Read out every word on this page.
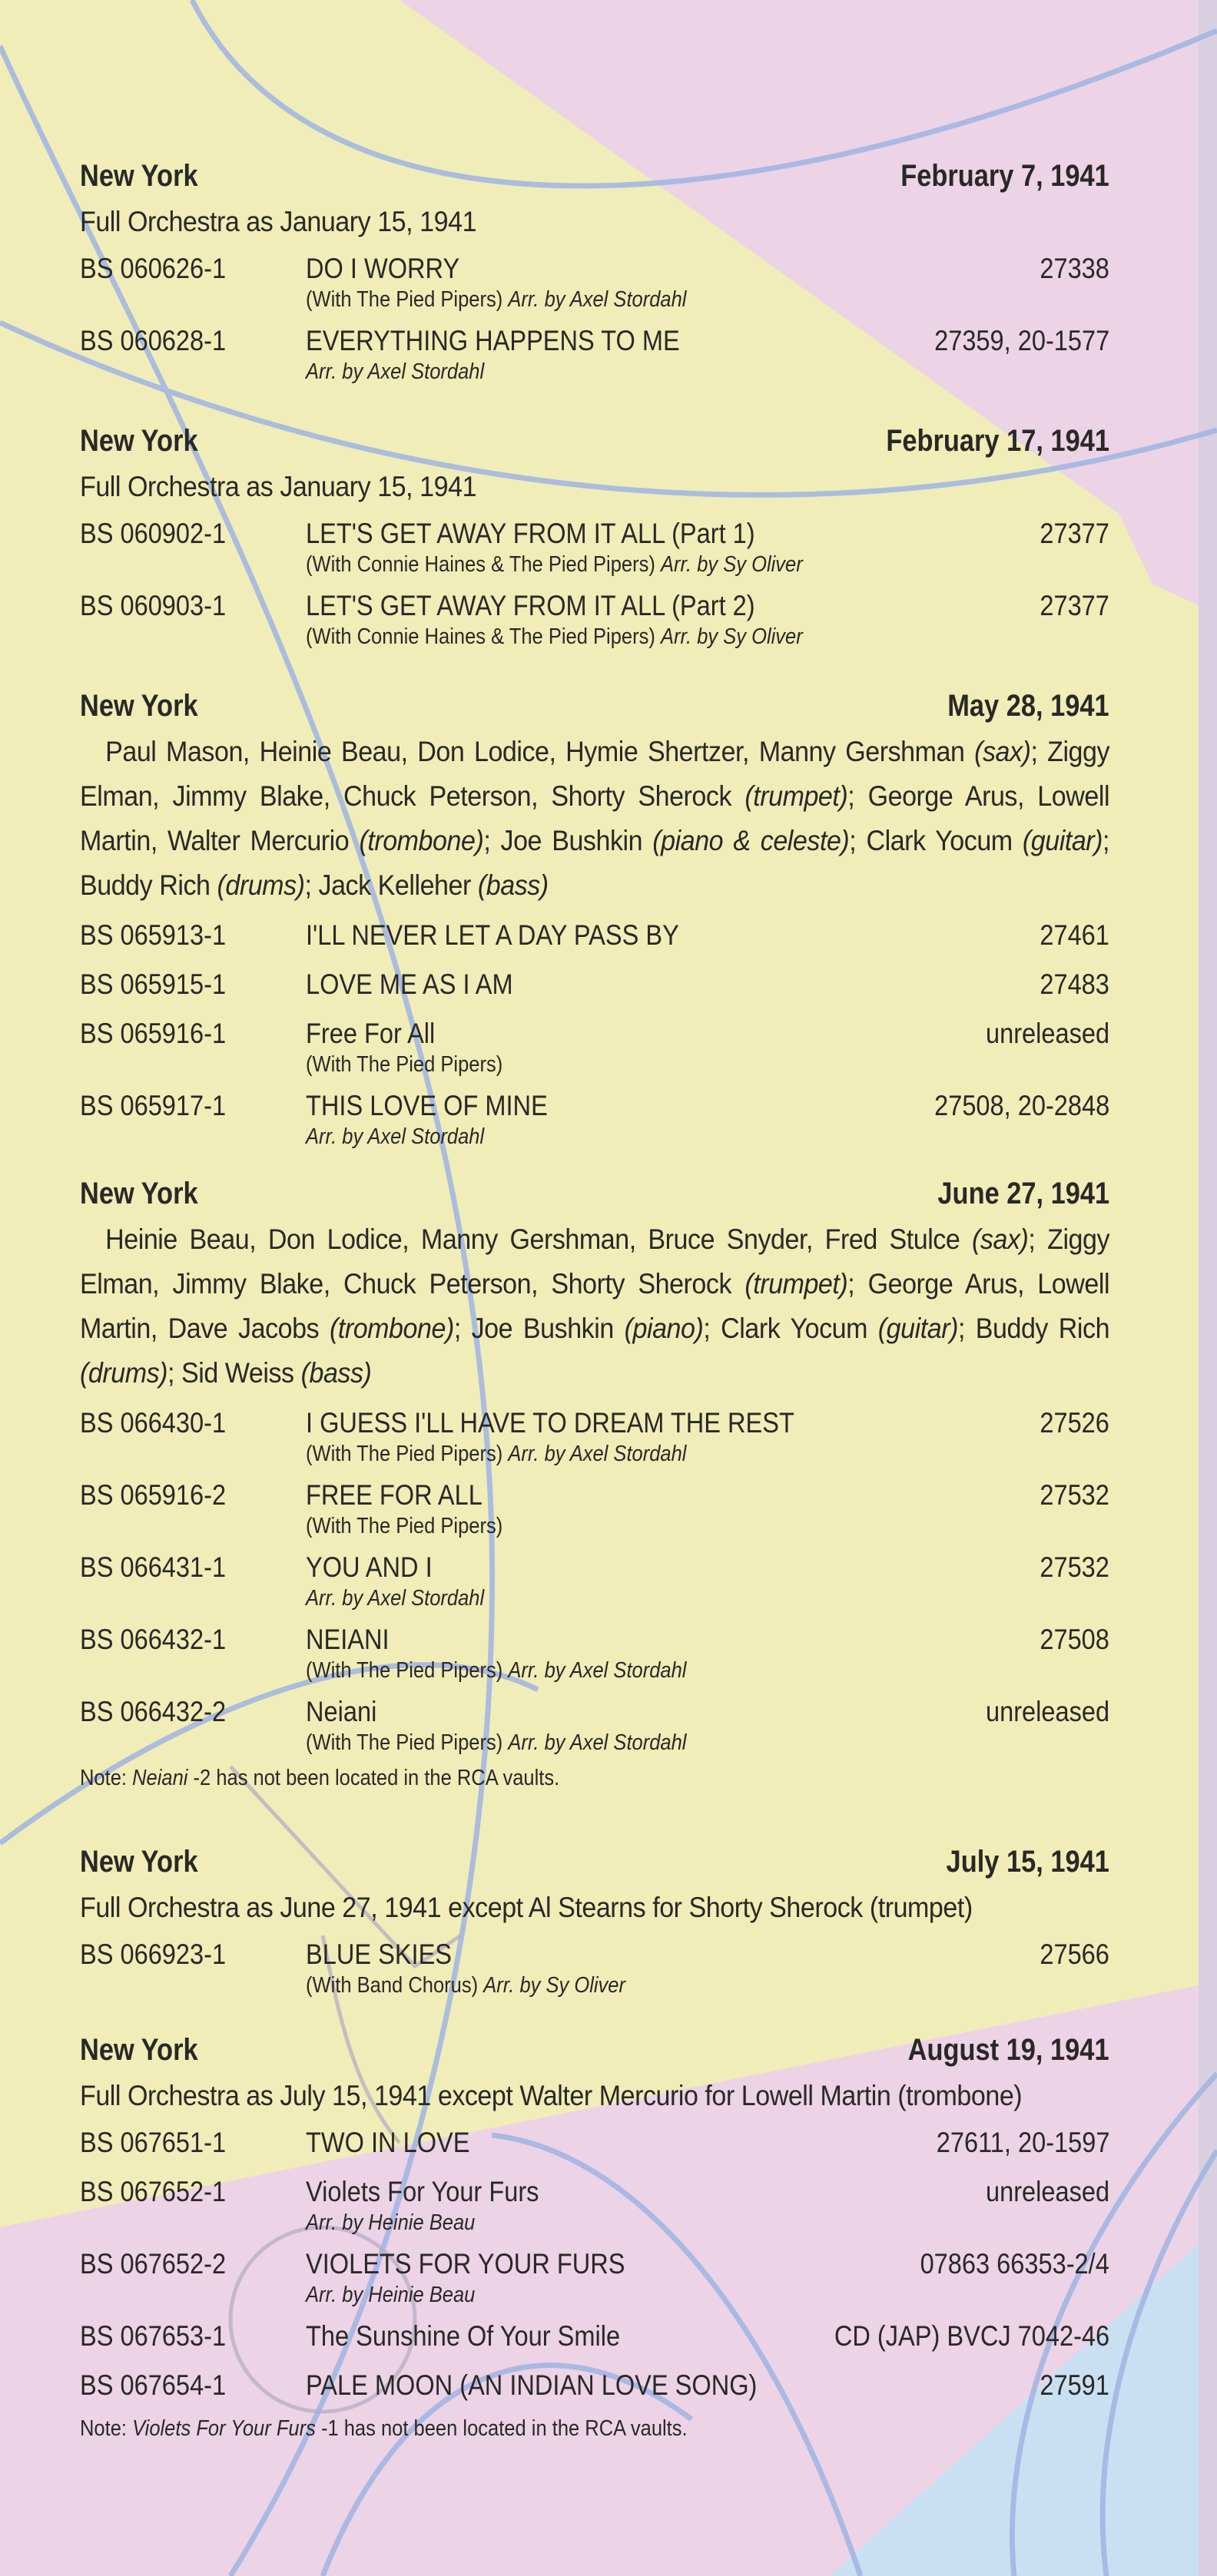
New York	February 7, 1941
Full Orchestra as January 15, 1941
BS 060626-1	DO I WORRY	27338
(With The Pied Pipers) Arr. by Axel Stordahl
BS 060628-1	EVERYTHING HAPPENS TO ME	27359, 20-1577
Arr. by Axel Stordahl
New York	February 17, 1941
Full Orchestra as January 15, 1941
BS 060902-1	LET'S GET AWAY FROM IT ALL (Part 1)	27377
(With Connie Haines & The Pied Pipers) Arr. by Sy Oliver
BS 060903-1	LET'S GET AWAY FROM IT ALL (Part 2)	27377
(With Connie Haines & The Pied Pipers) Arr. by Sy Oliver
New York	May 28, 1941
Paul Mason, Heinie Beau, Don Lodice, Hymie Shertzer, Manny Gershman (sax); Ziggy Elman, Jimmy Blake, Chuck Peterson, Shorty Sherock (trumpet); George Arus, Lowell Martin, Walter Mercurio (trombone); Joe Bushkin (piano & celeste); Clark Yocum (guitar); Buddy Rich (drums); Jack Kelleher (bass)
BS 065913-1	I'LL NEVER LET A DAY PASS BY	27461
BS 065915-1	LOVE ME AS I AM	27483
BS 065916-1	Free For All	unreleased
(With The Pied Pipers)
BS 065917-1	THIS LOVE OF MINE	27508, 20-2848
Arr. by Axel Stordahl
New York	June 27, 1941
Heinie Beau, Don Lodice, Manny Gershman, Bruce Snyder, Fred Stulce (sax); Ziggy Elman, Jimmy Blake, Chuck Peterson, Shorty Sherock (trumpet); George Arus, Lowell Martin, Dave Jacobs (trombone); Joe Bushkin (piano); Clark Yocum (guitar); Buddy Rich (drums); Sid Weiss (bass)
BS 066430-1	I GUESS I'LL HAVE TO DREAM THE REST	27526
(With The Pied Pipers) Arr. by Axel Stordahl
BS 065916-2	FREE FOR ALL	27532
(With The Pied Pipers)
BS 066431-1	YOU AND I	27532
Arr. by Axel Stordahl
BS 066432-1	NEIANI	27508
(With The Pied Pipers) Arr. by Axel Stordahl
BS 066432-2	Neiani	unreleased
(With The Pied Pipers) Arr. by Axel Stordahl
Note: Neiani -2 has not been located in the RCA vaults.
New York	July 15, 1941
Full Orchestra as June 27, 1941 except Al Stearns for Shorty Sherock (trumpet)
BS 066923-1	BLUE SKIES	27566
(With Band Chorus) Arr. by Sy Oliver
New York	August 19, 1941
Full Orchestra as July 15, 1941 except Walter Mercurio for Lowell Martin (trombone)
BS 067651-1	TWO IN LOVE	27611, 20-1597
BS 067652-1	Violets For Your Furs	unreleased
Arr. by Heinie Beau
BS 067652-2	VIOLETS FOR YOUR FURS	07863 66353-2/4
Arr. by Heinie Beau
BS 067653-1	The Sunshine Of Your Smile	CD (JAP) BVCJ 7042-46
BS 067654-1	PALE MOON (AN INDIAN LOVE SONG)	27591
Note: Violets For Your Furs -1 has not been located in the RCA vaults.
